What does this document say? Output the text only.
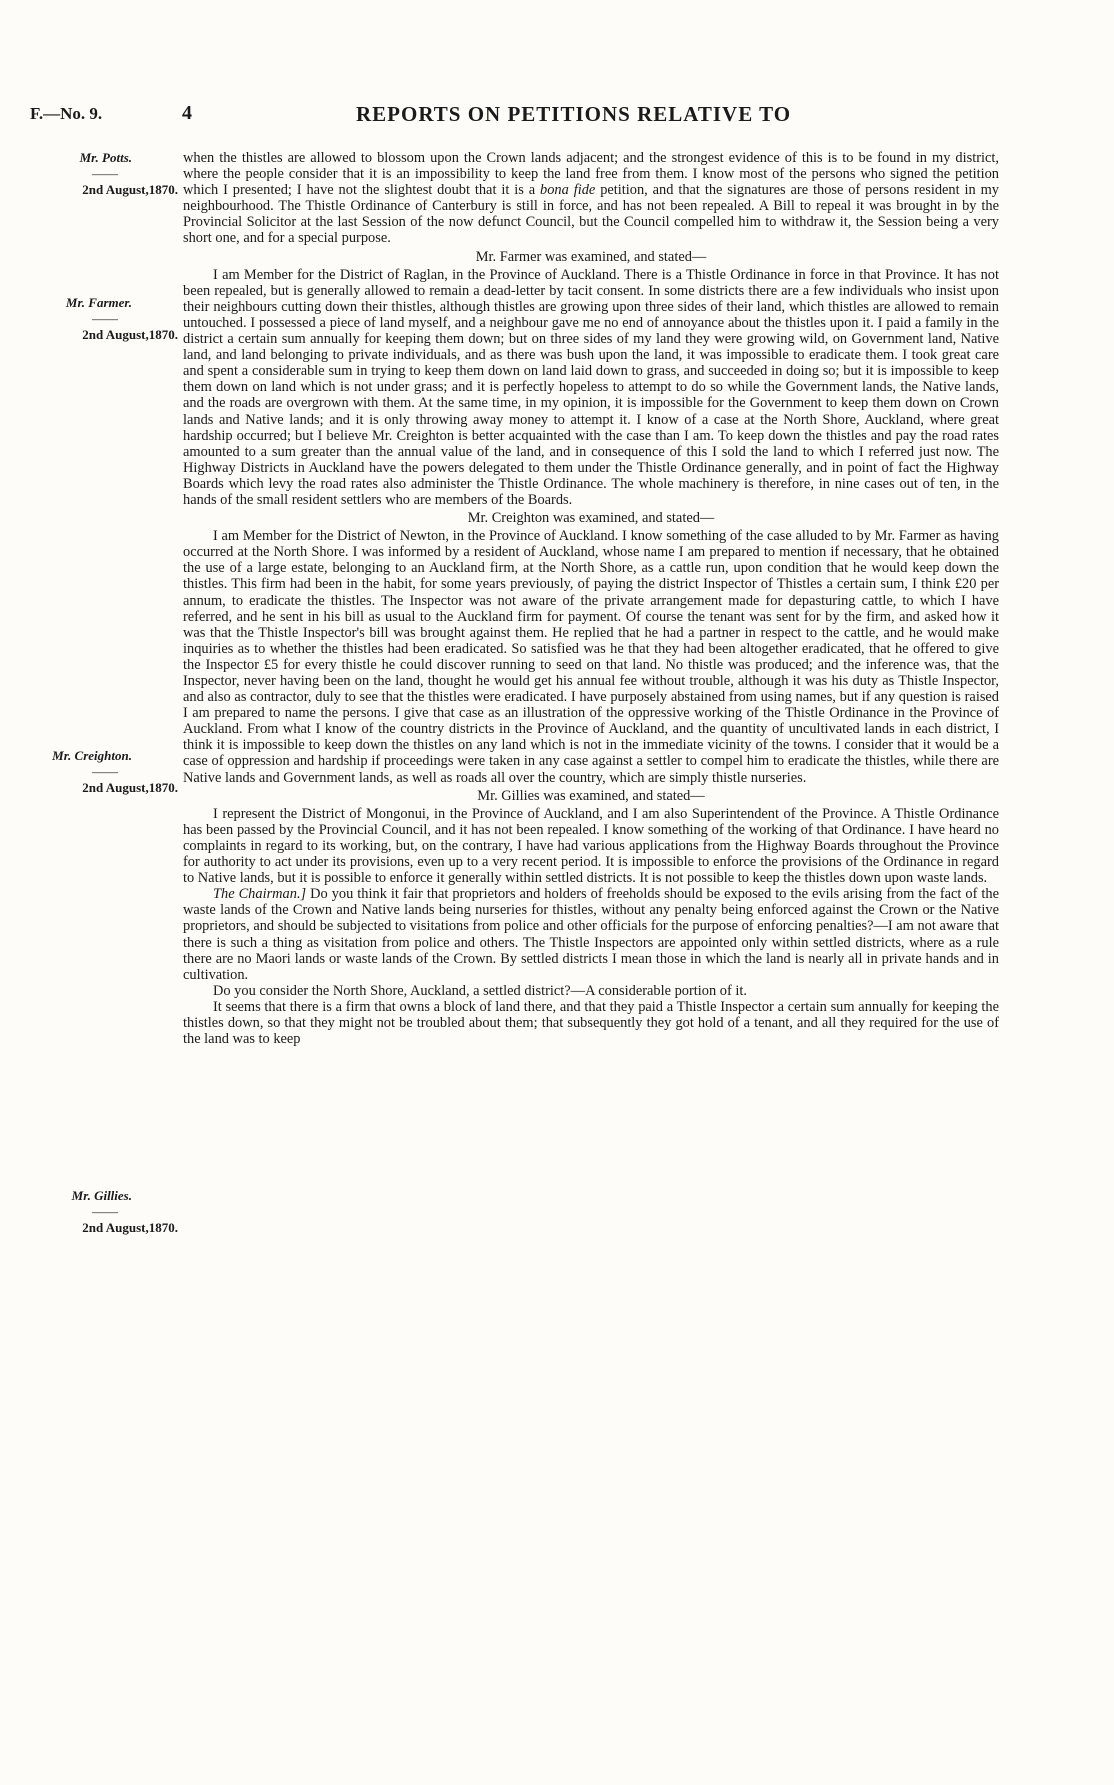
F.—No. 9.	4	REPORTS ON PETITIONS RELATIVE TO
Mr. Potts.
——
2nd August,1870.
Mr. Farmer.
——
2nd August,1870.
Mr. Creighton.
——
2nd August,1870.
Mr. Gillies.
——
2nd August,1870.

when the thistles are allowed to blossom upon the Crown lands adjacent; and the strongest evidence of this is to be found in my district, where the people consider that it is an impossibility to keep the land free from them. I know most of the persons who signed the petition which I presented; I have not the slightest doubt that it is a bona fide petition, and that the signatures are those of persons resident in my neighbourhood. The Thistle Ordinance of Canterbury is still in force, and has not been repealed. A Bill to repeal it was brought in by the Provincial Solicitor at the last Session of the now defunct Council, but the Council compelled him to withdraw it, the Session being a very short one, and for a special purpose.

Mr. Farmer was examined, and stated—

I am Member for the District of Raglan, in the Province of Auckland. There is a Thistle Ordinance in force in that Province. It has not been repealed, but is generally allowed to remain a dead-letter by tacit consent. In some districts there are a few individuals who insist upon their neighbours cutting down their thistles, although thistles are growing upon three sides of their land, which thistles are allowed to remain untouched. I possessed a piece of land myself, and a neighbour gave me no end of annoyance about the thistles upon it. I paid a family in the district a certain sum annually for keeping them down; but on three sides of my land they were growing wild, on Government land, Native land, and land belonging to private individuals, and as there was bush upon the land, it was impossible to eradicate them. I took great care and spent a considerable sum in trying to keep them down on land laid down to grass, and succeeded in doing so; but it is impossible to keep them down on land which is not under grass; and it is perfectly hopeless to attempt to do so while the Government lands, the Native lands, and the roads are overgrown with them. At the same time, in my opinion, it is impossible for the Government to keep them down on Crown lands and Native lands; and it is only throwing away money to attempt it. I know of a case at the North Shore, Auckland, where great hardship occurred; but I believe Mr. Creighton is better acquainted with the case than I am. To keep down the thistles and pay the road rates amounted to a sum greater than the annual value of the land, and in consequence of this I sold the land to which I referred just now. The Highway Districts in Auckland have the powers delegated to them under the Thistle Ordinance generally, and in point of fact the Highway Boards which levy the road rates also administer the Thistle Ordinance. The whole machinery is therefore, in nine cases out of ten, in the hands of the small resident settlers who are members of the Boards.

Mr. Creighton was examined, and stated—

I am Member for the District of Newton, in the Province of Auckland. I know something of the case alluded to by Mr. Farmer as having occurred at the North Shore. I was informed by a resident of Auckland, whose name I am prepared to mention if necessary, that he obtained the use of a large estate, belonging to an Auckland firm, at the North Shore, as a cattle run, upon condition that he would keep down the thistles. This firm had been in the habit, for some years previously, of paying the district Inspector of Thistles a certain sum, I think £20 per annum, to eradicate the thistles. The Inspector was not aware of the private arrangement made for depasturing cattle, to which I have referred, and he sent in his bill as usual to the Auckland firm for payment. Of course the tenant was sent for by the firm, and asked how it was that the Thistle Inspector's bill was brought against them. He replied that he had a partner in respect to the cattle, and he would make inquiries as to whether the thistles had been eradicated. So satisfied was he that they had been altogether eradicated, that he offered to give the Inspector £5 for every thistle he could discover running to seed on that land. No thistle was produced; and the inference was, that the Inspector, never having been on the land, thought he would get his annual fee without trouble, although it was his duty as Thistle Inspector, and also as contractor, duly to see that the thistles were eradicated. I have purposely abstained from using names, but if any question is raised I am prepared to name the persons. I give that case as an illustration of the oppressive working of the Thistle Ordinance in the Province of Auckland. From what I know of the country districts in the Province of Auckland, and the quantity of uncultivated lands in each district, I think it is impossible to keep down the thistles on any land which is not in the immediate vicinity of the towns. I consider that it would be a case of oppression and hardship if proceedings were taken in any case against a settler to compel him to eradicate the thistles, while there are Native lands and Government lands, as well as roads all over the country, which are simply thistle nurseries.

Mr. Gillies was examined, and stated—

I represent the District of Mongonui, in the Province of Auckland, and I am also Superintendent of the Province. A Thistle Ordinance has been passed by the Provincial Council, and it has not been repealed. I know something of the working of that Ordinance. I have heard no complaints in regard to its working, but, on the contrary, I have had various applications from the Highway Boards throughout the Province for authority to act under its provisions, even up to a very recent period. It is impossible to enforce the provisions of the Ordinance in regard to Native lands, but it is possible to enforce it generally within settled districts. It is not possible to keep the thistles down upon waste lands.

The Chairman.] Do you think it fair that proprietors and holders of freeholds should be exposed to the evils arising from the fact of the waste lands of the Crown and Native lands being nurseries for thistles, without any penalty being enforced against the Crown or the Native proprietors, and should be subjected to visitations from police and other officials for the purpose of enforcing penalties?—I am not aware that there is such a thing as visitation from police and others. The Thistle Inspectors are appointed only within settled districts, where as a rule there are no Maori lands or waste lands of the Crown. By settled districts I mean those in which the land is nearly all in private hands and in cultivation.

Do you consider the North Shore, Auckland, a settled district?—A considerable portion of it.

It seems that there is a firm that owns a block of land there, and that they paid a Thistle Inspector a certain sum annually for keeping the thistles down, so that they might not be troubled about them; that subsequently they got hold of a tenant, and all they required for the use of the land was to keep
